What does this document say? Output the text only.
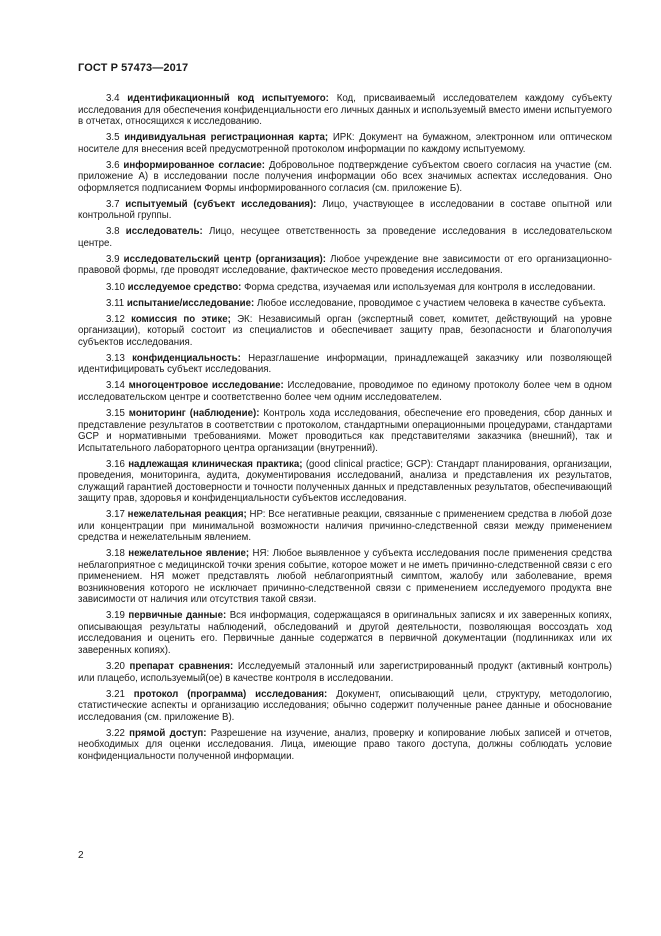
ГОСТ Р 57473—2017

3.4 идентификационный код испытуемого: Код, присваиваемый исследователем каждому субъекту исследования для обеспечения конфиденциальности его личных данных и используемый вместо имени испытуемого в отчетах, относящихся к исследованию.

3.5 индивидуальная регистрационная карта; ИРК: Документ на бумажном, электронном или оптическом носителе для внесения всей предусмотренной протоколом информации по каждому испытуемому.

3.6 информированное согласие: Добровольное подтверждение субъектом своего согласия на участие (см. приложение А) в исследовании после получения информации обо всех значимых аспектах исследования. Оно оформляется подписанием Формы информированного согласия (см. приложение Б).

3.7 испытуемый (субъект исследования): Лицо, участвующее в исследовании в составе опытной или контрольной группы.

3.8 исследователь: Лицо, несущее ответственность за проведение исследования в исследовательском центре.

3.9 исследовательский центр (организация): Любое учреждение вне зависимости от его организационно-правовой формы, где проводят исследование, фактическое место проведения исследования.

3.10 исследуемое средство: Форма средства, изучаемая или используемая для контроля в исследовании.

3.11 испытание/исследование: Любое исследование, проводимое с участием человека в качестве субъекта.

3.12 комиссия по этике; ЭК: Независимый орган (экспертный совет, комитет, действующий на уровне организации), который состоит из специалистов и обеспечивает защиту прав, безопасности и благополучия субъектов исследования.

3.13 конфиденциальность: Неразглашение информации, принадлежащей заказчику или позволяющей идентифицировать субъект исследования.

3.14 многоцентровое исследование: Исследование, проводимое по единому протоколу более чем в одном исследовательском центре и соответственно более чем одним исследователем.

3.15 мониторинг (наблюдение): Контроль хода исследования, обеспечение его проведения, сбор данных и представление результатов в соответствии с протоколом, стандартными операционными процедурами, стандартами GCP и нормативными требованиями. Может проводиться как представителями заказчика (внешний), так и Испытательного лабораторного центра организации (внутренний).

3.16 надлежащая клиническая практика; (good clinical practice; GCP): Стандарт планирования, организации, проведения, мониторинга, аудита, документирования исследований, анализа и представления их результатов, служащий гарантией достоверности и точности полученных данных и представленных результатов, обеспечивающий защиту прав, здоровья и конфиденциальности субъектов исследования.

3.17 нежелательная реакция; НР: Все негативные реакции, связанные с применением средства в любой дозе или концентрации при минимальной возможности наличия причинно-следственной связи между применением средства и нежелательным явлением.

3.18 нежелательное явление; НЯ: Любое выявленное у субъекта исследования после применения средства неблагоприятное с медицинской точки зрения событие, которое может и не иметь причинно-следственной связи с его применением. НЯ может представлять любой неблагоприятный симптом, жалобу или заболевание, время возникновения которого не исключает причинно-следственной связи с применением исследуемого продукта вне зависимости от наличия или отсутствия такой связи.

3.19 первичные данные: Вся информация, содержащаяся в оригинальных записях и их заверенных копиях, описывающая результаты наблюдений, обследований и другой деятельности, позволяющая воссоздать ход исследования и оценить его. Первичные данные содержатся в первичной документации (подлинниках или их заверенных копиях).

3.20 препарат сравнения: Исследуемый эталонный или зарегистрированный продукт (активный контроль) или плацебо, используемый(ое) в качестве контроля в исследовании.

3.21 протокол (программа) исследования: Документ, описывающий цели, структуру, методологию, статистические аспекты и организацию исследования; обычно содержит полученные ранее данные и обоснование исследования (см. приложение В).

3.22 прямой доступ: Разрешение на изучение, анализ, проверку и копирование любых записей и отчетов, необходимых для оценки исследования. Лица, имеющие право такого доступа, должны соблюдать условие конфиденциальности полученной информации.

2
